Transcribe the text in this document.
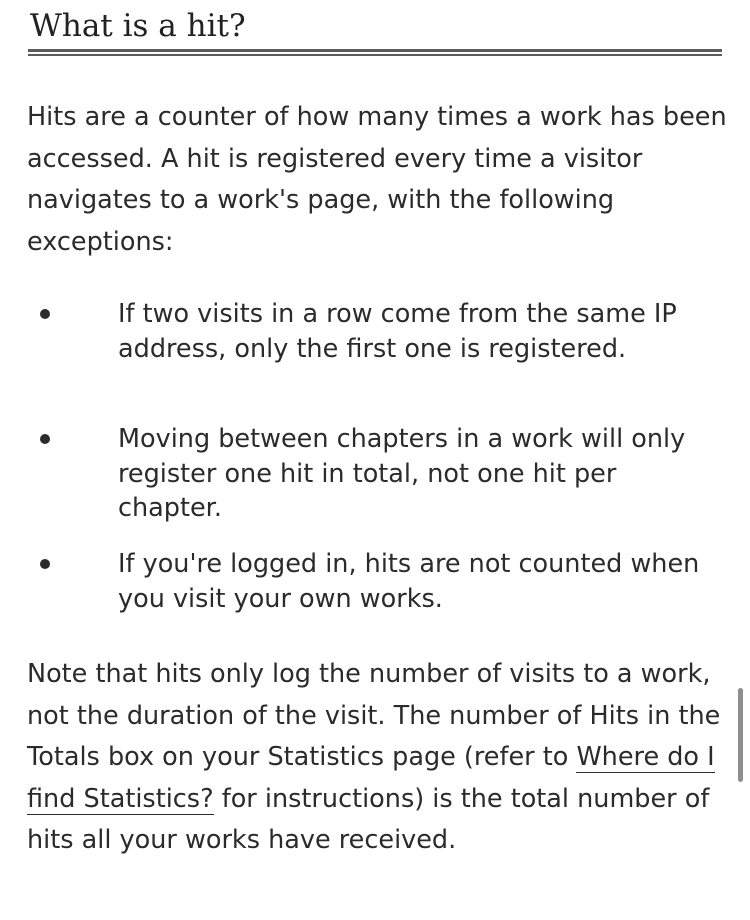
What is a hit?

Hits are a counter of how many times a work has been accessed. A hit is registered every time a visitor navigates to a work's page, with the following exceptions:

If two visits in a row come from the same IP address, only the first one is registered.

Moving between chapters in a work will only register one hit in total, not one hit per chapter.

If you're logged in, hits are not counted when you visit your own works.

Note that hits only log the number of visits to a work, not the duration of the visit. The number of Hits in the Totals box on your Statistics page (refer to Where do I find Statistics? for instructions) is the total number of hits all your works have received.
